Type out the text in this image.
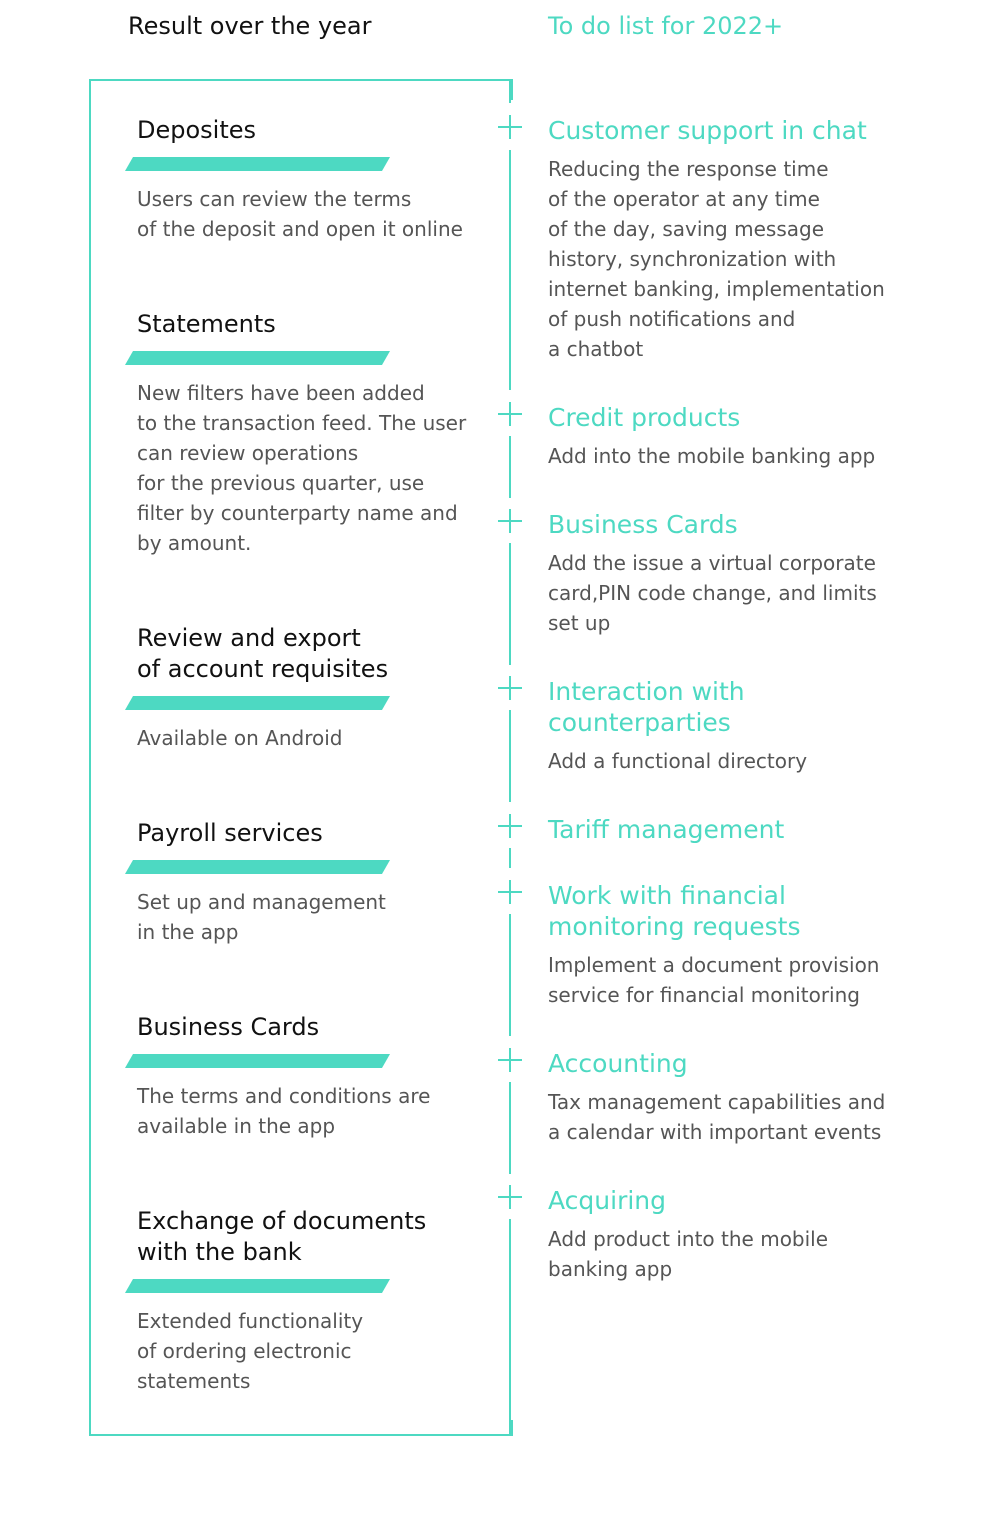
Result over the year	To do list for 2022+
Deposites
Users can review the terms
of the deposit and open it online
Statements
New filters have been added
to the transaction feed. The user
can review operations
for the previous quarter, use
filter by counterparty name and
by amount.
Review and export
of account requisites
Available on Android
Payroll services
Set up and management
in the app
Business Cards
The terms and conditions are
available in the app
Exchange of documents
with the bank
Extended functionality
of ordering electronic
statements
Customer support in chat
Reducing the response time
of the operator at any time
of the day, saving message
history, synchronization with
internet banking, implementation
of push notifications and
a chatbot
Credit products
Add into the mobile banking app
Business Cards
Add the issue a virtual corporate
card,PIN code change, and limits
set up
Interaction with
counterparties
Add a functional directory
Tariff management
Work with financial
monitoring requests
Implement a document provision
service for financial monitoring
Accounting
Tax management capabilities and
a calendar with important events
Acquiring
Add product into the mobile
banking app
